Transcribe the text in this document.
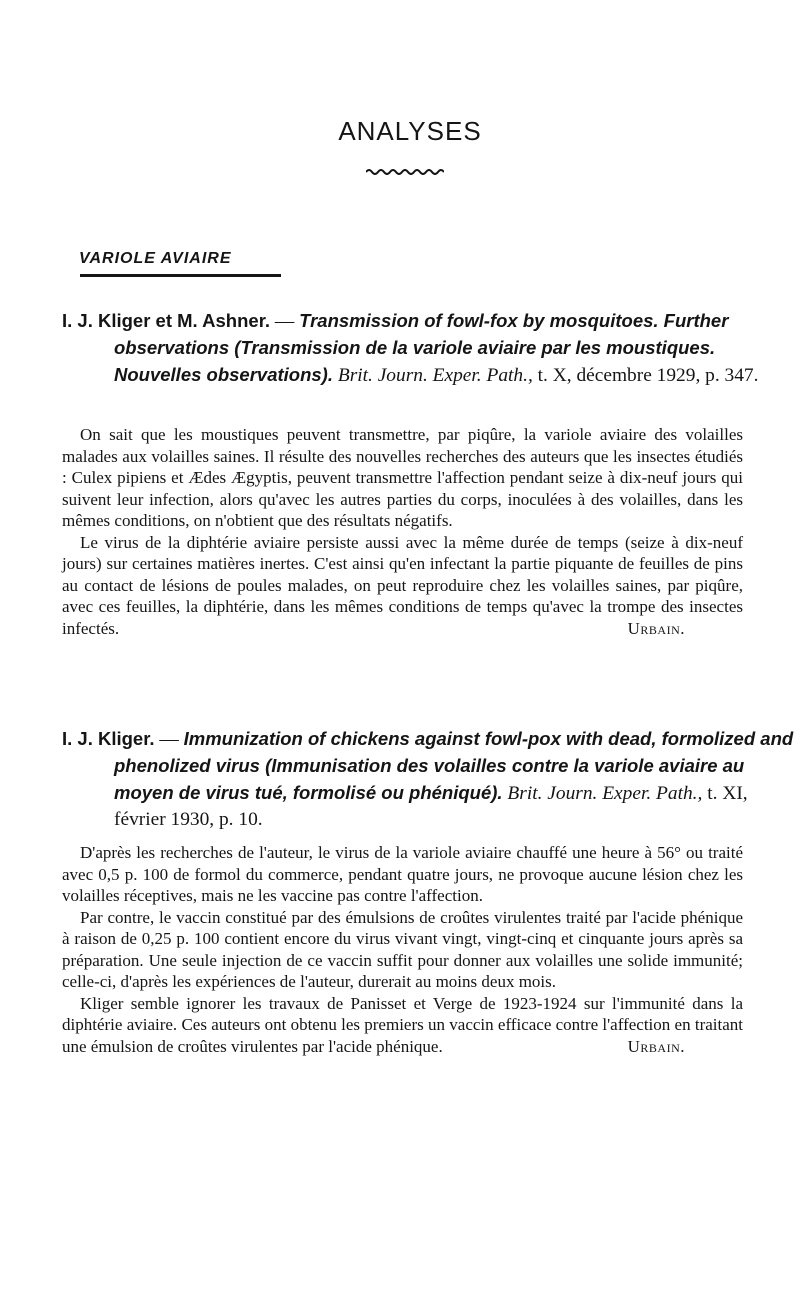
ANALYSES
VARIOLE AVIAIRE
I. J. Kliger et M. Ashner. — Transmission of fowl-fox by mosquitoes. Further observations (Transmission de la variole aviaire par les moustiques. Nouvelles observations). Brit. Journ. Exper. Path., t. X, décembre 1929, p. 347.

On sait que les moustiques peuvent transmettre, par piqûre, la variole aviaire des volailles malades aux volailles saines. Il résulte des nouvelles recherches des auteurs que les insectes étudiés : Culex pipiens et Ædes Ægyptis, peuvent transmettre l'affection pendant seize à dix-neuf jours qui suivent leur infection, alors qu'avec les autres parties du corps, inoculées à des volailles, dans les mêmes conditions, on n'obtient que des résultats négatifs.

Le virus de la diphtérie aviaire persiste aussi avec la même durée de temps (seize à dix-neuf jours) sur certaines matières inertes. C'est ainsi qu'en infectant la partie piquante de feuilles de pins au contact de lésions de poules malades, on peut reproduire chez les volailles saines, par piqûre, avec ces feuilles, la diphtérie, dans les mêmes conditions de temps qu'avec la trompe des insectes infectés.	Urbain.

I. J. Kliger. — Immunization of chickens against fowl-pox with dead, formolized and phenolized virus (Immunisation des volailles contre la variole aviaire au moyen de virus tué, formolisé ou phéniqué). Brit. Journ. Exper. Path., t. XI, février 1930, p. 10.

D'après les recherches de l'auteur, le virus de la variole aviaire chauffé une heure à 56° ou traité avec 0,5 p. 100 de formol du commerce, pendant quatre jours, ne provoque aucune lésion chez les volailles réceptives, mais ne les vaccine pas contre l'affection.

Par contre, le vaccin constitué par des émulsions de croûtes virulentes traité par l'acide phénique à raison de 0,25 p. 100 contient encore du virus vivant vingt, vingt-cinq et cinquante jours après sa préparation. Une seule injection de ce vaccin suffit pour donner aux volailles une solide immunité; celle-ci, d'après les expériences de l'auteur, durerait au moins deux mois.

Kliger semble ignorer les travaux de Panisset et Verge de 1923-1924 sur l'immunité dans la diphtérie aviaire. Ces auteurs ont obtenu les premiers un vaccin efficace contre l'affection en traitant une émulsion de croûtes virulentes par l'acide phénique.	Urbain.
